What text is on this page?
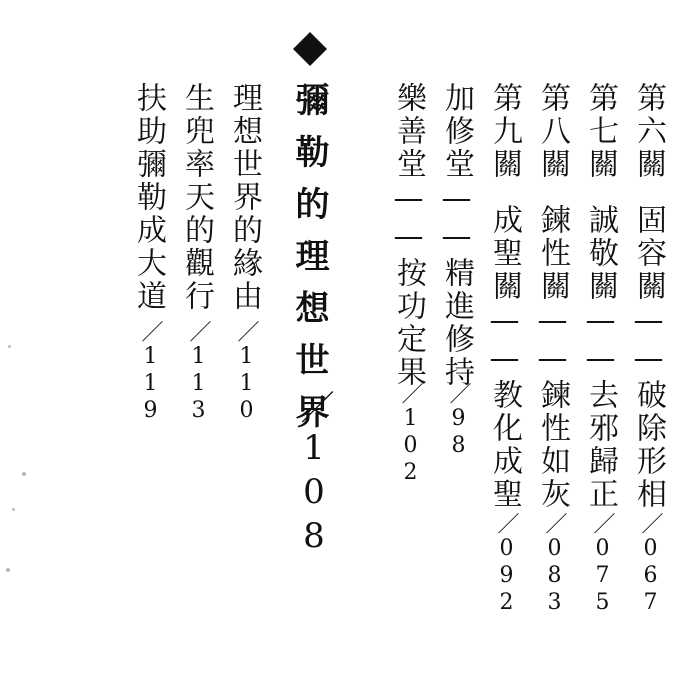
第六關
固容關——破除形相
／067
第七關
誠敬關——去邪歸正
／075
第八關
鍊性關——鍊性如灰
／083
第九關
成聖關——教化成聖
／092
加修堂——精進修持
／98
樂善堂——按功定果
／102
彌勒的理想世界
／108
理想世界的緣由
／110
生兜率天的觀行
／113
扶助彌勒成大道
／119
